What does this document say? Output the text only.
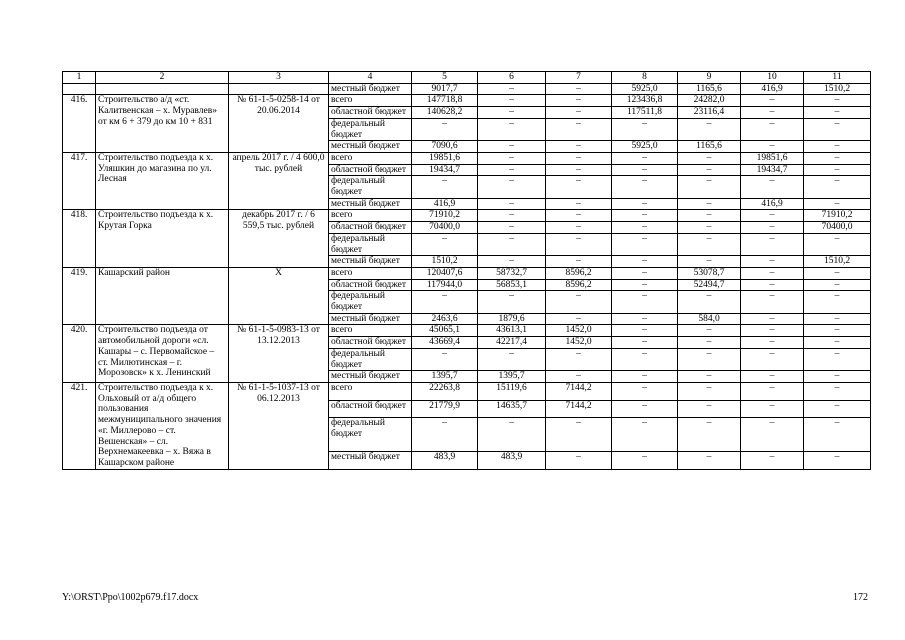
1	2	3	4	5	6	7	8	9	10	11
			местный бюджет	9017,7	–	–	5925,0	1165,6	416,9	1510,2
416.	Строительство а/д «ст. Калитвенская – х. Муравлев» от км 6 + 379 до км 10 + 831	№ 61-1-5-0258-14 от 20.06.2014	всего	147718,8	–	–	123436,8	24282,0	–	–
			областной бюджет	140628,2	–	–	117511,8	23116,4	–	–
			федеральный бюджет	–	–	–	–	–	–	–
			местный бюджет	7090,6	–	–	5925,0	1165,6	–	–
417.	Строительство подъезда к х. Уляшкин до магазина по ул. Лесная	апрель 2017 г. / 4 600,0 тыс. рублей	всего	19851,6	–	–	–	–	19851,6	–
			областной бюджет	19434,7	–	–	–	–	19434,7	–
			федеральный бюджет	–	–	–	–	–	–	–
			местный бюджет	416,9	–	–	–	–	416,9	–
418.	Строительство подъезда к х. Крутая Горка	декабрь 2017 г. / 6 559,5 тыс. рублей	всего	71910,2	–	–	–	–	–	71910,2
			областной бюджет	70400,0	–	–	–	–	–	70400,0
			федеральный бюджет	–	–	–	–	–	–	–
			местный бюджет	1510,2	–	–	–	–	–	1510,2
419.	Кашарский район	X	всего	120407,6	58732,7	8596,2	–	53078,7	–	–
			областной бюджет	117944,0	56853,1	8596,2	–	52494,7	–	–
			федеральный бюджет	–	–	–	–	–	–	–
			местный бюджет	2463,6	1879,6	–	–	584,0	–	–
420.	Строительство подъезда от автомобильной дороги «сл. Кашары – с. Первомайское – ст. Милютинская – г. Морозовск» к х. Ленинский	№ 61-1-5-0983-13 от 13.12.2013	всего	45065,1	43613,1	1452,0	–	–	–	–
			областной бюджет	43669,4	42217,4	1452,0	–	–	–	–
			федеральный бюджет	–	–	–	–	–	–	–
			местный бюджет	1395,7	1395,7	–	–	–	–	–
421.	Строительство подъезда к х. Ольховый от а/д общего пользования межмуниципального значения «г. Миллерово – ст. Вешенская» – сл. Верхнемакеевка – х. Вяжа в Кашарском районе	№ 61-1-5-1037-13 от 06.12.2013	всего	22263,8	15119,6	7144,2	–	–	–	–
			областной бюджет	21779,9	14635,7	7144,2	–	–	–	–
			федеральный бюджет	–	–	–	–	–	–	–
			местный бюджет	483,9	483,9	–	–	–	–	–
Y:\ORST\Ppo\1002p679.f17.docx	172
